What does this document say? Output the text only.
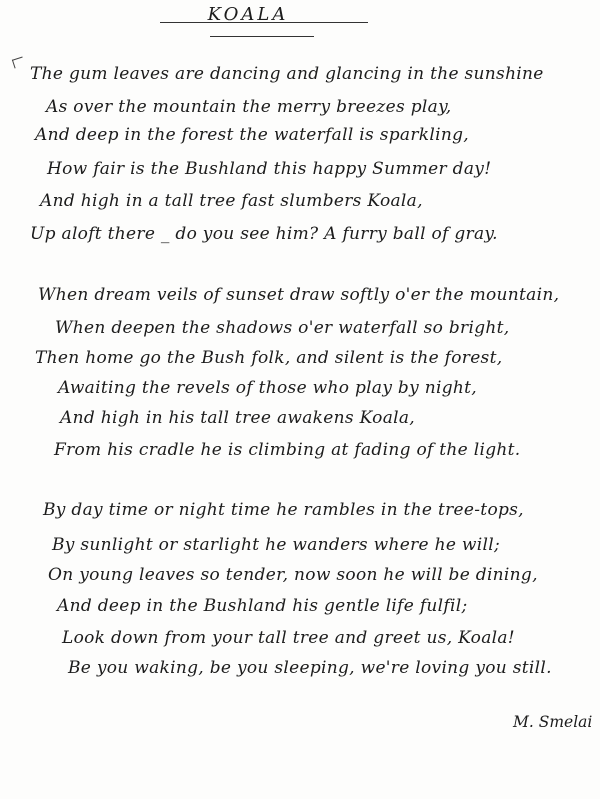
KOALA
The gum leaves are dancing and glancing in the sunshine
As over the mountain the merry breezes play,
And deep in the forest the waterfall is sparkling,
How fair is the Bushland this happy Summer day!
And high in a tall tree fast slumbers Koala,
Up aloft there _ do you see him? A furry ball of gray.
When dream veils of sunset draw softly o'er the mountain,
When deepen the shadows o'er waterfall so bright,
Then home go the Bush folk, and silent is the forest,
Awaiting the revels of those who play by night,
And high in his tall tree awakens Koala,
From his cradle he is climbing at fading of the light.
By day time or night time he rambles in the tree-tops,
By sunlight or starlight he wanders where he will;
On young leaves so tender, now soon he will be dining,
And deep in the Bushland his gentle life fulfil;
Look down from your tall tree and greet us, Koala!
Be you waking, be you sleeping, we're loving you still.
M. Smelai
